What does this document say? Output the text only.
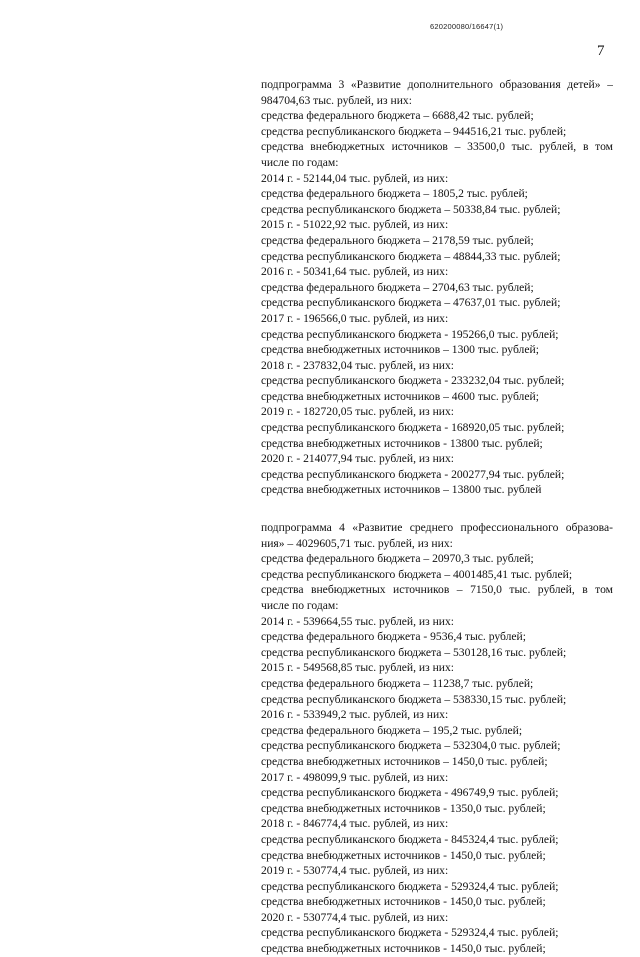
620200080/16647(1)
7
подпрограмма 3 «Развитие дополнительного образования детей» –
984704,63 тыс. рублей, из них:
средства федерального бюджета – 6688,42 тыс. рублей;
средства республиканского бюджета – 944516,21 тыс. рублей;
средства внебюджетных источников – 33500,0 тыс. рублей, в том
числе по годам:
2014 г. - 52144,04 тыс. рублей, из них:
средства федерального бюджета – 1805,2 тыс. рублей;
средства республиканского бюджета – 50338,84 тыс. рублей;
2015 г. - 51022,92 тыс. рублей, из них:
средства федерального бюджета – 2178,59 тыс. рублей;
средства республиканского бюджета – 48844,33 тыс. рублей;
2016 г. - 50341,64 тыс. рублей, из них:
средства федерального бюджета – 2704,63 тыс. рублей;
средства республиканского бюджета – 47637,01 тыс. рублей;
2017 г. - 196566,0 тыс. рублей, из них:
средства республиканского бюджета - 195266,0 тыс. рублей;
средства внебюджетных источников – 1300 тыс. рублей;
2018 г. - 237832,04 тыс. рублей, из них:
средства республиканского бюджета - 233232,04 тыс. рублей;
средства внебюджетных источников – 4600 тыс. рублей;
2019 г. - 182720,05 тыс. рублей, из них:
средства республиканского бюджета - 168920,05 тыс. рублей;
средства внебюджетных источников - 13800 тыс. рублей;
2020 г. - 214077,94 тыс. рублей, из них:
средства республиканского бюджета - 200277,94 тыс. рублей;
средства внебюджетных источников – 13800 тыс. рублей
подпрограмма 4 «Развитие среднего профессионального образова-
ния» – 4029605,71 тыс. рублей, из них:
средства федерального бюджета – 20970,3 тыс. рублей;
средства республиканского бюджета – 4001485,41 тыс. рублей;
средства внебюджетных источников – 7150,0 тыс. рублей, в том
числе по годам:
2014 г. - 539664,55 тыс. рублей, из них:
средства федерального бюджета - 9536,4 тыс. рублей;
средства республиканского бюджета – 530128,16 тыс. рублей;
2015 г. - 549568,85 тыс. рублей, из них:
средства федерального бюджета – 11238,7 тыс. рублей;
средства республиканского бюджета – 538330,15 тыс. рублей;
2016 г. - 533949,2 тыс. рублей, из них:
средства федерального бюджета – 195,2 тыс. рублей;
средства республиканского бюджета – 532304,0 тыс. рублей;
средства внебюджетных источников – 1450,0 тыс. рублей;
2017 г. - 498099,9 тыс. рублей, из них:
средства республиканского бюджета - 496749,9 тыс. рублей;
средства внебюджетных источников - 1350,0 тыс. рублей;
2018 г. - 846774,4 тыс. рублей, из них:
средства республиканского бюджета - 845324,4 тыс. рублей;
средства внебюджетных источников - 1450,0 тыс. рублей;
2019 г. - 530774,4 тыс. рублей, из них:
средства республиканского бюджета - 529324,4 тыс. рублей;
средства внебюджетных источников - 1450,0 тыс. рублей;
2020 г. - 530774,4 тыс. рублей, из них:
средства республиканского бюджета - 529324,4 тыс. рублей;
средства внебюджетных источников - 1450,0 тыс. рублей;
